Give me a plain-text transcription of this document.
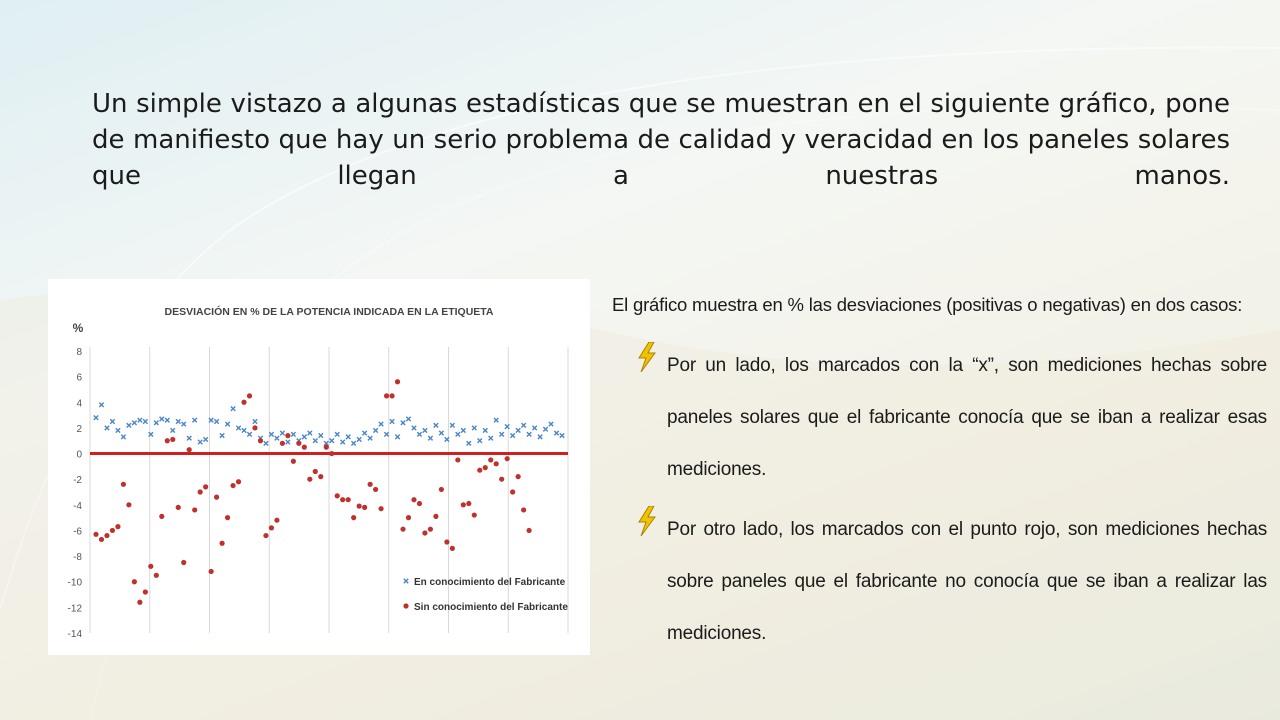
Un simple vistazo a algunas estadísticas que se muestran en el siguiente gráfico, pone de manifiesto que hay un serio problema de calidad y veracidad en los paneles solares que llegan a nuestras manos.

DESVIACIÓN EN % DE LA POTENCIA INDICADA EN LA ETIQUETA
%
8
6
4
2
0
-2
-4
-6
-8
-10
-12
-14
En conocimiento del Fabricante
Sin conocimiento del Fabricante

El gráfico muestra en % las desviaciones (positivas o negativas) en dos casos:

Por un lado, los marcados con la “x”, son mediciones hechas sobre paneles solares que el fabricante conocía que se iban a realizar esas mediciones.

Por otro lado, los marcados con el punto rojo, son mediciones hechas sobre paneles que el fabricante no conocía que se iban a realizar las mediciones.
